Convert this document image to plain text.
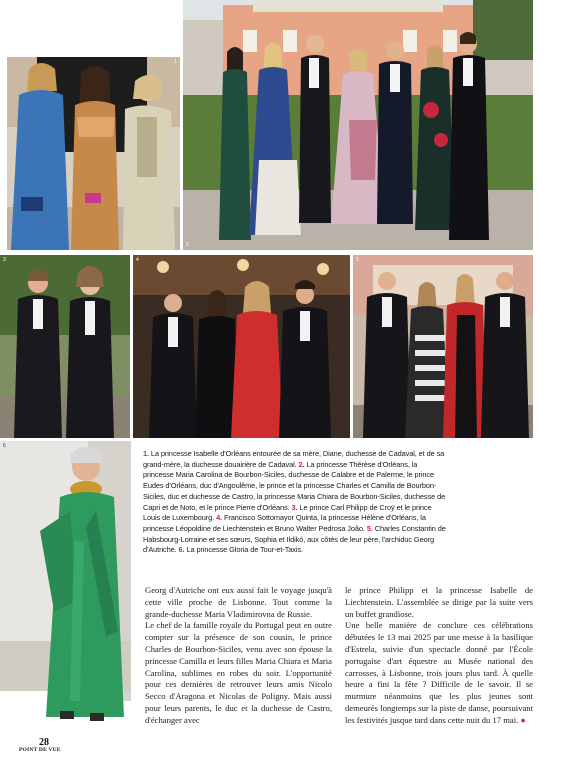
1
2
3	4	5
6

1. La princesse Isabelle d'Orléans entourée de sa mère, Diane, duchesse de Cadaval, et de sa grand-mère, la duchesse douairière de Cadaval. 2. La princesse Thérèse d'Orléans, la princesse Maria Carolina de Bourbon-Siciles, duchesse de Calabre et de Palerme, le prince Eudes d'Orléans, duc d'Angoulême, le prince et la princesse Charles et Camilla de Bourbon-Siciles, duc et duchesse de Castro, la princesse Maria Chiara de Bourbon-Siciles, duchesse de Capri et de Noto, et le prince Pierre d'Orléans. 3. Le prince Carl Philipp de Croÿ et le prince Louis de Luxembourg. 4. Francisco Sottomayor Quinta, la princesse Hélène d'Orléans, la princesse Léopoldine de Liechtenstein et Bruno Walter Pedrosa João. 5. Charles Constantin de Habsbourg-Lorraine et ses sœurs, Sophia et Ildikó, aux côtés de leur père, l'archiduc Georg d'Autriche. 6. La princesse Gloria de Tour-et-Taxis.

Georg d'Autriche ont eux aussi fait le voyage jusqu'à cette ville proche de Lisbonne. Tout comme la grande-duchesse Maria Vladimirovna de Russie.

Le chef de la famille royale du Portugal peut en outre compter sur la présence de son cousin, le prince Charles de Bourbon-Siciles, venu avec son épouse la princesse Camilla et leurs filles Maria Chiara et Maria Carolina, sublimes en robes du soir. L'opportunité pour ces dernières de retrouver leurs amis Nicolo Secco d'Aragona et Nicolas de Poligny. Mais aussi pour leurs parents, le duc et la duchesse de Castro, d'échanger avec

le prince Philipp et la princesse Isabelle de Liechtenstein. L'assemblée se dirige par la suite vers un buffet grandiose.

Une belle manière de conclure ces célébrations débutées le 13 mai 2025 par une messe à la basilique d'Estrela, suivie d'un spectacle donné par l'École portugaise d'art équestre au Musée national des carrosses, à Lisbonne, trois jours plus tard. À quelle heure a fini la fête ? Difficile de le savoir. Il se murmure néanmoins que les plus jeunes sont demeurés longtemps sur la piste de danse, poursuivant les festivités jusque tard dans cette nuit du 17 mai. ●

28
POINT DE VUE
